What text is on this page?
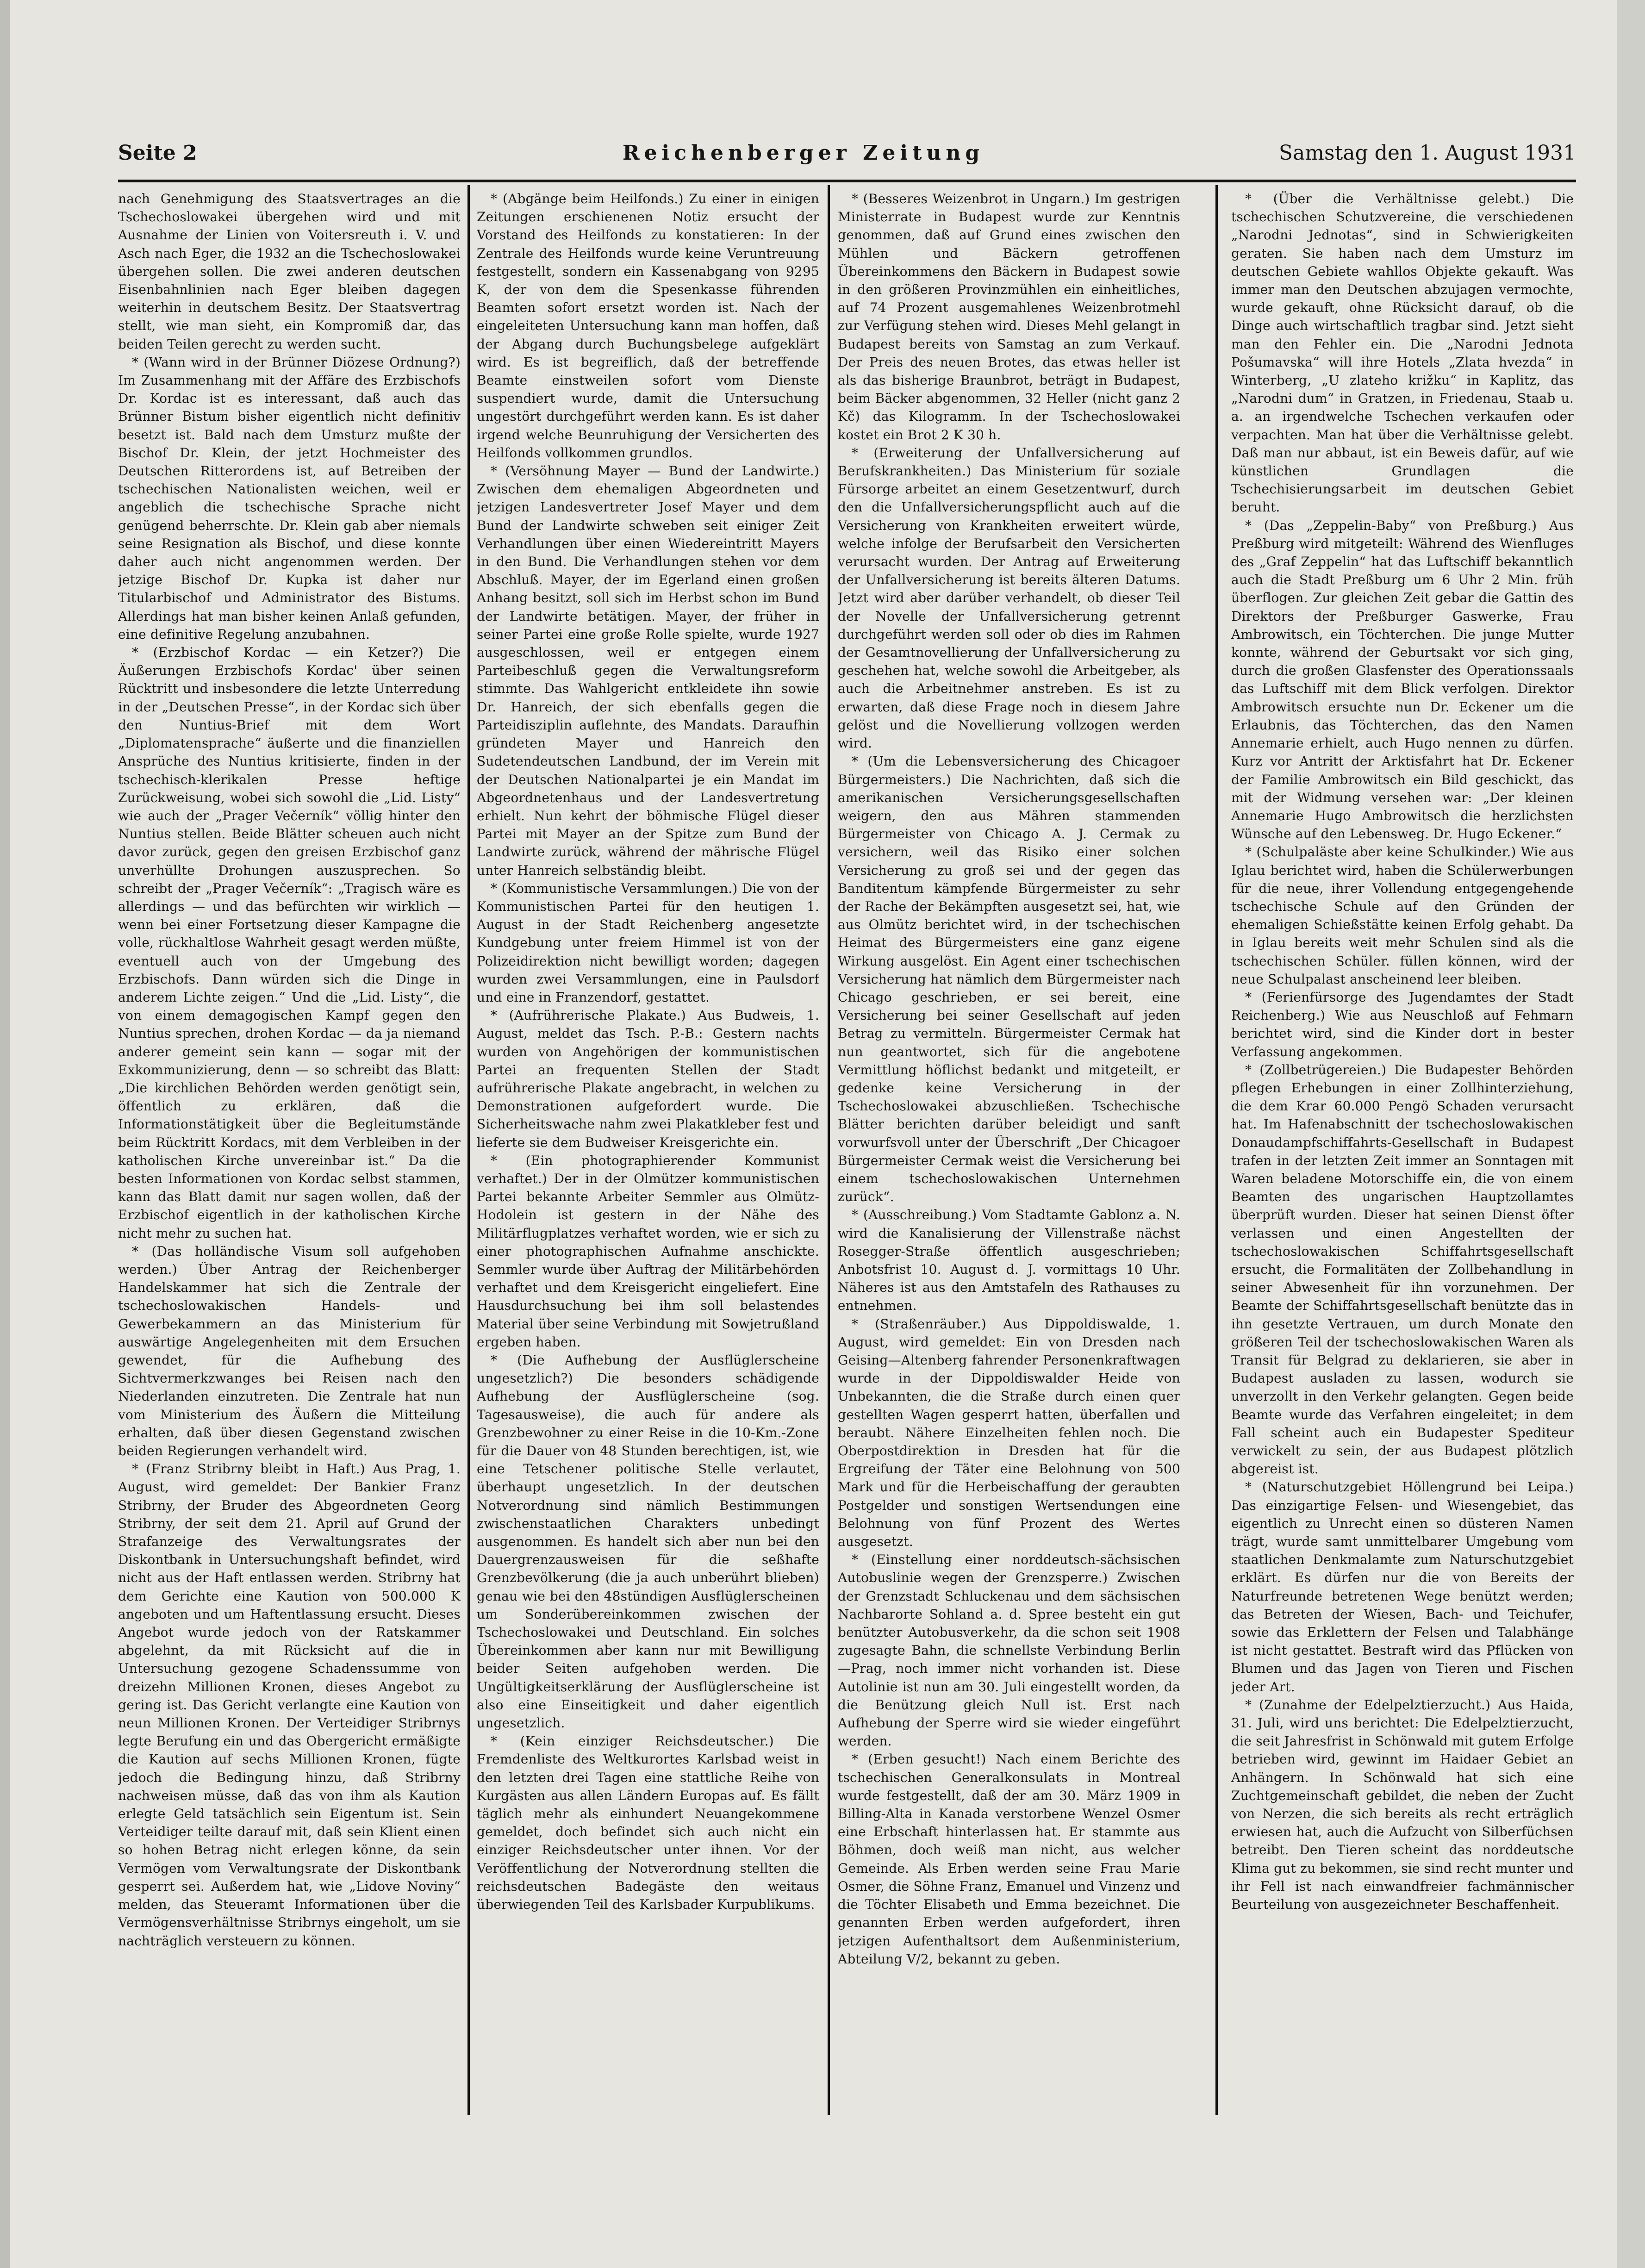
Seite 2	Reichenberger Zeitung	Samstag den 1. August 1931

nach Genehmigung des Staatsvertrages an die Tschechoslowakei übergehen wird und mit Ausnahme der Linien von Voitersreuth i. V. und Asch nach Eger, die 1932 an die Tschechoslowakei übergehen sollen. Die zwei anderen deutschen Eisenbahnlinien nach Eger bleiben dagegen weiterhin in deutschem Besitz. Der Staatsvertrag stellt, wie man sieht, ein Kompromiß dar, das beiden Teilen gerecht zu werden sucht.

* (Wann wird in der Brünner Diözese Ordnung?) Im Zusammenhang mit der Affäre des Erzbischofs Dr. Kordac ist es interessant, daß auch das Brünner Bistum bisher eigentlich nicht definitiv besetzt ist. Bald nach dem Umsturz mußte der Bischof Dr. Klein, der jetzt Hochmeister des Deutschen Ritterordens ist, auf Betreiben der tschechischen Nationalisten weichen, weil er angeblich die tschechische Sprache nicht genügend beherrschte. Dr. Klein gab aber niemals seine Resignation als Bischof, und diese konnte daher auch nicht angenommen werden. Der jetzige Bischof Dr. Kupka ist daher nur Titularbischof und Administrator des Bistums. Allerdings hat man bisher keinen Anlaß gefunden, eine definitive Regelung anzubahnen.

* (Erzbischof Kordac — ein Ketzer?) Die Äußerungen Erzbischofs Kordac' über seinen Rücktritt und insbesondere die letzte Unterredung in der „Deutschen Presse“, in der Kordac sich über den Nuntius-Brief mit dem Wort „Diplomatensprache“ äußerte und die finanziellen Ansprüche des Nuntius kritisierte, finden in der tschechisch-klerikalen Presse heftige Zurückweisung, wobei sich sowohl die „Lid. Listy“ wie auch der „Prager Večerník“ völlig hinter den Nuntius stellen. Beide Blätter scheuen auch nicht davor zurück, gegen den greisen Erzbischof ganz unverhüllte Drohungen auszusprechen. So schreibt der „Prager Večerník“: „Tragisch wäre es allerdings — und das befürchten wir wirklich — wenn bei einer Fortsetzung dieser Kampagne die volle, rückhaltlose Wahrheit gesagt werden müßte, eventuell auch von der Umgebung des Erzbischofs. Dann würden sich die Dinge in anderem Lichte zeigen.“ Und die „Lid. Listy“, die von einem demagogischen Kampf gegen den Nuntius sprechen, drohen Kordac — da ja niemand anderer gemeint sein kann — sogar mit der Exkommunizierung, denn — so schreibt das Blatt: „Die kirchlichen Behörden werden genötigt sein, öffentlich zu erklären, daß die Informationstätigkeit über die Begleitumstände beim Rücktritt Kordacs, mit dem Verbleiben in der katholischen Kirche unvereinbar ist.“ Da die besten Informationen von Kordac selbst stammen, kann das Blatt damit nur sagen wollen, daß der Erzbischof eigentlich in der katholischen Kirche nicht mehr zu suchen hat.

* (Das holländische Visum soll aufgehoben werden.) Über Antrag der Reichenberger Handelskammer hat sich die Zentrale der tschechoslowakischen Handels- und Gewerbekammern an das Ministerium für auswärtige Angelegenheiten mit dem Ersuchen gewendet, für die Aufhebung des Sichtvermerkzwanges bei Reisen nach den Niederlanden einzutreten. Die Zentrale hat nun vom Ministerium des Äußern die Mitteilung erhalten, daß über diesen Gegenstand zwischen beiden Regierungen verhandelt wird.

* (Franz Stribrny bleibt in Haft.) Aus Prag, 1. August, wird gemeldet: Der Bankier Franz Stribrny, der Bruder des Abgeordneten Georg Stribrny, der seit dem 21. April auf Grund der Strafanzeige des Verwaltungsrates der Diskontbank in Untersuchungshaft befindet, wird nicht aus der Haft entlassen werden. Stribrny hat dem Gerichte eine Kaution von 500.000 K angeboten und um Haftentlassung ersucht. Dieses Angebot wurde jedoch von der Ratskammer abgelehnt, da mit Rücksicht auf die in Untersuchung gezogene Schadenssumme von dreizehn Millionen Kronen, dieses Angebot zu gering ist. Das Gericht verlangte eine Kaution von neun Millionen Kronen. Der Verteidiger Stribrnys legte Berufung ein und das Obergericht ermäßigte die Kaution auf sechs Millionen Kronen, fügte jedoch die Bedingung hinzu, daß Stribrny nachweisen müsse, daß das von ihm als Kaution erlegte Geld tatsächlich sein Eigentum ist. Sein Verteidiger teilte darauf mit, daß sein Klient einen so hohen Betrag nicht erlegen könne, da sein Vermögen vom Verwaltungsrate der Diskontbank gesperrt sei. Außerdem hat, wie „Lidove Noviny“ melden, das Steueramt Informationen über die Vermögensverhältnisse Stribrnys eingeholt, um sie nachträglich versteuern zu können.

* (Abgänge beim Heilfonds.) Zu einer in einigen Zeitungen erschienenen Notiz ersucht der Vorstand des Heilfonds zu konstatieren: In der Zentrale des Heilfonds wurde keine Veruntreuung festgestellt, sondern ein Kassenabgang von 9295 K, der von dem die Spesenkasse führenden Beamten sofort ersetzt worden ist. Nach der eingeleiteten Untersuchung kann man hoffen, daß der Abgang durch Buchungsbelege aufgeklärt wird. Es ist begreiflich, daß der betreffende Beamte einstweilen sofort vom Dienste suspendiert wurde, damit die Untersuchung ungestört durchgeführt werden kann. Es ist daher irgend welche Beunruhigung der Versicherten des Heilfonds vollkommen grundlos.

* (Versöhnung Mayer — Bund der Landwirte.) Zwischen dem ehemaligen Abgeordneten und jetzigen Landesvertreter Josef Mayer und dem Bund der Landwirte schweben seit einiger Zeit Verhandlungen über einen Wiedereintritt Mayers in den Bund. Die Verhandlungen stehen vor dem Abschluß. Mayer, der im Egerland einen großen Anhang besitzt, soll sich im Herbst schon im Bund der Landwirte betätigen. Mayer, der früher in seiner Partei eine große Rolle spielte, wurde 1927 ausgeschlossen, weil er entgegen einem Parteibeschluß gegen die Verwaltungsreform stimmte. Das Wahlgericht entkleidete ihn sowie Dr. Hanreich, der sich ebenfalls gegen die Parteidisziplin auflehnte, des Mandats. Daraufhin gründeten Mayer und Hanreich den Sudetendeutschen Landbund, der im Verein mit der Deutschen Nationalpartei je ein Mandat im Abgeordnetenhaus und der Landesvertretung erhielt. Nun kehrt der böhmische Flügel dieser Partei mit Mayer an der Spitze zum Bund der Landwirte zurück, während der mährische Flügel unter Hanreich selbständig bleibt.

* (Kommunistische Versammlungen.) Die von der Kommunistischen Partei für den heutigen 1. August in der Stadt Reichenberg angesetzte Kundgebung unter freiem Himmel ist von der Polizeidirektion nicht bewilligt worden; dagegen wurden zwei Versammlungen, eine in Paulsdorf und eine in Franzendorf, gestattet.

* (Aufrührerische Plakate.) Aus Budweis, 1. August, meldet das Tsch. P.-B.: Gestern nachts wurden von Angehörigen der kommunistischen Partei an frequenten Stellen der Stadt aufrührerische Plakate angebracht, in welchen zu Demonstrationen aufgefordert wurde. Die Sicherheitswache nahm zwei Plakatkleber fest und lieferte sie dem Budweiser Kreisgerichte ein.

* (Ein photographierender Kommunist verhaftet.) Der in der Olmützer kommunistischen Partei bekannte Arbeiter Semmler aus Olmütz-Hodolein ist gestern in der Nähe des Militärflugplatzes verhaftet worden, wie er sich zu einer photographischen Aufnahme anschickte. Semmler wurde über Auftrag der Militärbehörden verhaftet und dem Kreisgericht eingeliefert. Eine Hausdurchsuchung bei ihm soll belastendes Material über seine Verbindung mit Sowjetrußland ergeben haben.

* (Die Aufhebung der Ausflüglerscheine ungesetzlich?) Die besonders schädigende Aufhebung der Ausflüglerscheine (sog. Tagesausweise), die auch für andere als Grenzbewohner zu einer Reise in die 10-Km.-Zone für die Dauer von 48 Stunden berechtigen, ist, wie eine Tetschener politische Stelle verlautet, überhaupt ungesetzlich. In der deutschen Notverordnung sind nämlich Bestimmungen zwischenstaatlichen Charakters unbedingt ausgenommen. Es handelt sich aber nun bei den Dauergrenzausweisen für die seßhafte Grenzbevölkerung (die ja auch unberührt blieben) genau wie bei den 48stündigen Ausflüglerscheinen um Sonderübereinkommen zwischen der Tschechoslowakei und Deutschland. Ein solches Übereinkommen aber kann nur mit Bewilligung beider Seiten aufgehoben werden. Die Ungültigkeitserklärung der Ausflüglerscheine ist also eine Einseitigkeit und daher eigentlich ungesetzlich.

* (Kein einziger Reichsdeutscher.) Die Fremdenliste des Weltkurortes Karlsbad weist in den letzten drei Tagen eine stattliche Reihe von Kurgästen aus allen Ländern Europas auf. Es fällt täglich mehr als einhundert Neuangekommene gemeldet, doch befindet sich auch nicht ein einziger Reichsdeutscher unter ihnen. Vor der Veröffentlichung der Notverordnung stellten die reichsdeutschen Badegäste den weitaus überwiegenden Teil des Karlsbader Kurpublikums.

* (Besseres Weizenbrot in Ungarn.) Im gestrigen Ministerrate in Budapest wurde zur Kenntnis genommen, daß auf Grund eines zwischen den Mühlen und Bäckern getroffenen Übereinkommens den Bäckern in Budapest sowie in den größeren Provinzmühlen ein einheitliches, auf 74 Prozent ausgemahlenes Weizenbrotmehl zur Verfügung stehen wird. Dieses Mehl gelangt in Budapest bereits von Samstag an zum Verkauf. Der Preis des neuen Brotes, das etwas heller ist als das bisherige Braunbrot, beträgt in Budapest, beim Bäcker abgenommen, 32 Heller (nicht ganz 2 Kč) das Kilogramm. In der Tschechoslowakei kostet ein Brot 2 K 30 h.

* (Erweiterung der Unfallversicherung auf Berufskrankheiten.) Das Ministerium für soziale Fürsorge arbeitet an einem Gesetzentwurf, durch den die Unfallversicherungspflicht auch auf die Versicherung von Krankheiten erweitert würde, welche infolge der Berufsarbeit den Versicherten verursacht wurden. Der Antrag auf Erweiterung der Unfallversicherung ist bereits älteren Datums. Jetzt wird aber darüber verhandelt, ob dieser Teil der Novelle der Unfallversicherung getrennt durchgeführt werden soll oder ob dies im Rahmen der Gesamtnovellierung der Unfallversicherung zu geschehen hat, welche sowohl die Arbeitgeber, als auch die Arbeitnehmer anstreben. Es ist zu erwarten, daß diese Frage noch in diesem Jahre gelöst und die Novellierung vollzogen werden wird.

* (Um die Lebensversicherung des Chicagoer Bürgermeisters.) Die Nachrichten, daß sich die amerikanischen Versicherungsgesellschaften weigern, den aus Mähren stammenden Bürgermeister von Chicago A. J. Cermak zu versichern, weil das Risiko einer solchen Versicherung zu groß sei und der gegen das Banditentum kämpfende Bürgermeister zu sehr der Rache der Bekämpften ausgesetzt sei, hat, wie aus Olmütz berichtet wird, in der tschechischen Heimat des Bürgermeisters eine ganz eigene Wirkung ausgelöst. Ein Agent einer tschechischen Versicherung hat nämlich dem Bürgermeister nach Chicago geschrieben, er sei bereit, eine Versicherung bei seiner Gesellschaft auf jeden Betrag zu vermitteln. Bürgermeister Cermak hat nun geantwortet, sich für die angebotene Vermittlung höflichst bedankt und mitgeteilt, er gedenke keine Versicherung in der Tschechoslowakei abzuschließen. Tschechische Blätter berichten darüber beleidigt und sanft vorwurfsvoll unter der Überschrift „Der Chicagoer Bürgermeister Cermak weist die Versicherung bei einem tschechoslowakischen Unternehmen zurück“.

* (Ausschreibung.) Vom Stadtamte Gablonz a. N. wird die Kanalisierung der Villenstraße nächst Rosegger-Straße öffentlich ausgeschrieben; Anbotsfrist 10. August d. J. vormittags 10 Uhr. Näheres ist aus den Amtstafeln des Rathauses zu entnehmen.

* (Straßenräuber.) Aus Dippoldiswalde, 1. August, wird gemeldet: Ein von Dresden nach Geising—Altenberg fahrender Personenkraftwagen wurde in der Dippoldiswalder Heide von Unbekannten, die die Straße durch einen quer gestellten Wagen gesperrt hatten, überfallen und beraubt. Nähere Einzelheiten fehlen noch. Die Oberpostdirektion in Dresden hat für die Ergreifung der Täter eine Belohnung von 500 Mark und für die Herbeischaffung der geraubten Postgelder und sonstigen Wertsendungen eine Belohnung von fünf Prozent des Wertes ausgesetzt.

* (Einstellung einer norddeutsch-sächsischen Autobuslinie wegen der Grenzsperre.) Zwischen der Grenzstadt Schluckenau und dem sächsischen Nachbarorte Sohland a. d. Spree besteht ein gut benützter Autobusverkehr, da die schon seit 1908 zugesagte Bahn, die schnellste Verbindung Berlin—Prag, noch immer nicht vorhanden ist. Diese Autolinie ist nun am 30. Juli eingestellt worden, da die Benützung gleich Null ist. Erst nach Aufhebung der Sperre wird sie wieder eingeführt werden.

* (Erben gesucht!) Nach einem Berichte des tschechischen Generalkonsulats in Montreal wurde festgestellt, daß der am 30. März 1909 in Billing-Alta in Kanada verstorbene Wenzel Osmer eine Erbschaft hinterlassen hat. Er stammte aus Böhmen, doch weiß man nicht, aus welcher Gemeinde. Als Erben werden seine Frau Marie Osmer, die Söhne Franz, Emanuel und Vinzenz und die Töchter Elisabeth und Emma bezeichnet. Die genannten Erben werden aufgefordert, ihren jetzigen Aufenthaltsort dem Außenministerium, Abteilung V/2, bekannt zu geben.

* (Über die Verhältnisse gelebt.) Die tschechischen Schutzvereine, die verschiedenen „Narodni Jednotas“, sind in Schwierigkeiten geraten. Sie haben nach dem Umsturz im deutschen Gebiete wahllos Objekte gekauft. Was immer man den Deutschen abzujagen vermochte, wurde gekauft, ohne Rücksicht darauf, ob die Dinge auch wirtschaftlich tragbar sind. Jetzt sieht man den Fehler ein. Die „Narodni Jednota Pošumavska“ will ihre Hotels „Zlata hvezda“ in Winterberg, „U zlateho križku“ in Kaplitz, das „Narodni dum“ in Gratzen, in Friedenau, Staab u. a. an irgendwelche Tschechen verkaufen oder verpachten. Man hat über die Verhältnisse gelebt. Daß man nur abbaut, ist ein Beweis dafür, auf wie künstlichen Grundlagen die Tschechisierungsarbeit im deutschen Gebiet beruht.

* (Das „Zeppelin-Baby“ von Preßburg.) Aus Preßburg wird mitgeteilt: Während des Wienfluges des „Graf Zeppelin“ hat das Luftschiff bekanntlich auch die Stadt Preßburg um 6 Uhr 2 Min. früh überflogen. Zur gleichen Zeit gebar die Gattin des Direktors der Preßburger Gaswerke, Frau Ambrowitsch, ein Töchterchen. Die junge Mutter konnte, während der Geburtsakt vor sich ging, durch die großen Glasfenster des Operationssaals das Luftschiff mit dem Blick verfolgen. Direktor Ambrowitsch ersuchte nun Dr. Eckener um die Erlaubnis, das Töchterchen, das den Namen Annemarie erhielt, auch Hugo nennen zu dürfen. Kurz vor Antritt der Arktisfahrt hat Dr. Eckener der Familie Ambrowitsch ein Bild geschickt, das mit der Widmung versehen war: „Der kleinen Annemarie Hugo Ambrowitsch die herzlichsten Wünsche auf den Lebensweg. Dr. Hugo Eckener.“

* (Schulpaläste aber keine Schulkinder.) Wie aus Iglau berichtet wird, haben die Schülerwerbungen für die neue, ihrer Vollendung entgegengehende tschechische Schule auf den Gründen der ehemaligen Schießstätte keinen Erfolg gehabt. Da in Iglau bereits weit mehr Schulen sind als die tschechischen Schüler. füllen können, wird der neue Schulpalast anscheinend leer bleiben.

* (Ferienfürsorge des Jugendamtes der Stadt Reichenberg.) Wie aus Neuschloß auf Fehmarn berichtet wird, sind die Kinder dort in bester Verfassung angekommen.

* (Zollbetrügereien.) Die Budapester Behörden pflegen Erhebungen in einer Zollhinterziehung, die dem Krar 60.000 Pengö Schaden verursacht hat. Im Hafenabschnitt der tschechoslowakischen Donaudampfschiffahrts-Gesellschaft in Budapest trafen in der letzten Zeit immer an Sonntagen mit Waren beladene Motorschiffe ein, die von einem Beamten des ungarischen Hauptzollamtes überprüft wurden. Dieser hat seinen Dienst öfter verlassen und einen Angestellten der tschechoslowakischen Schiffahrtsgesellschaft ersucht, die Formalitäten der Zollbehandlung in seiner Abwesenheit für ihn vorzunehmen. Der Beamte der Schiffahrtsgesellschaft benützte das in ihn gesetzte Vertrauen, um durch Monate den größeren Teil der tschechoslowakischen Waren als Transit für Belgrad zu deklarieren, sie aber in Budapest ausladen zu lassen, wodurch sie unverzollt in den Verkehr gelangten. Gegen beide Beamte wurde das Verfahren eingeleitet; in dem Fall scheint auch ein Budapester Spediteur verwickelt zu sein, der aus Budapest plötzlich abgereist ist.

* (Naturschutzgebiet Höllengrund bei Leipa.) Das einzigartige Felsen- und Wiesengebiet, das eigentlich zu Unrecht einen so düsteren Namen trägt, wurde samt unmittelbarer Umgebung vom staatlichen Denkmalamte zum Naturschutzgebiet erklärt. Es dürfen nur die von Bereits der Naturfreunde betretenen Wege benützt werden; das Betreten der Wiesen, Bach- und Teichufer, sowie das Erklettern der Felsen und Talabhänge ist nicht gestattet. Bestraft wird das Pflücken von Blumen und das Jagen von Tieren und Fischen jeder Art.

* (Zunahme der Edelpelztierzucht.) Aus Haida, 31. Juli, wird uns berichtet: Die Edelpelztierzucht, die seit Jahresfrist in Schönwald mit gutem Erfolge betrieben wird, gewinnt im Haidaer Gebiet an Anhängern. In Schönwald hat sich eine Zuchtgemeinschaft gebildet, die neben der Zucht von Nerzen, die sich bereits als recht erträglich erwiesen hat, auch die Aufzucht von Silberfüchsen betreibt. Den Tieren scheint das norddeutsche Klima gut zu bekommen, sie sind recht munter und ihr Fell ist nach einwandfreier fachmännischer Beurteilung von ausgezeichneter Beschaffenheit.
